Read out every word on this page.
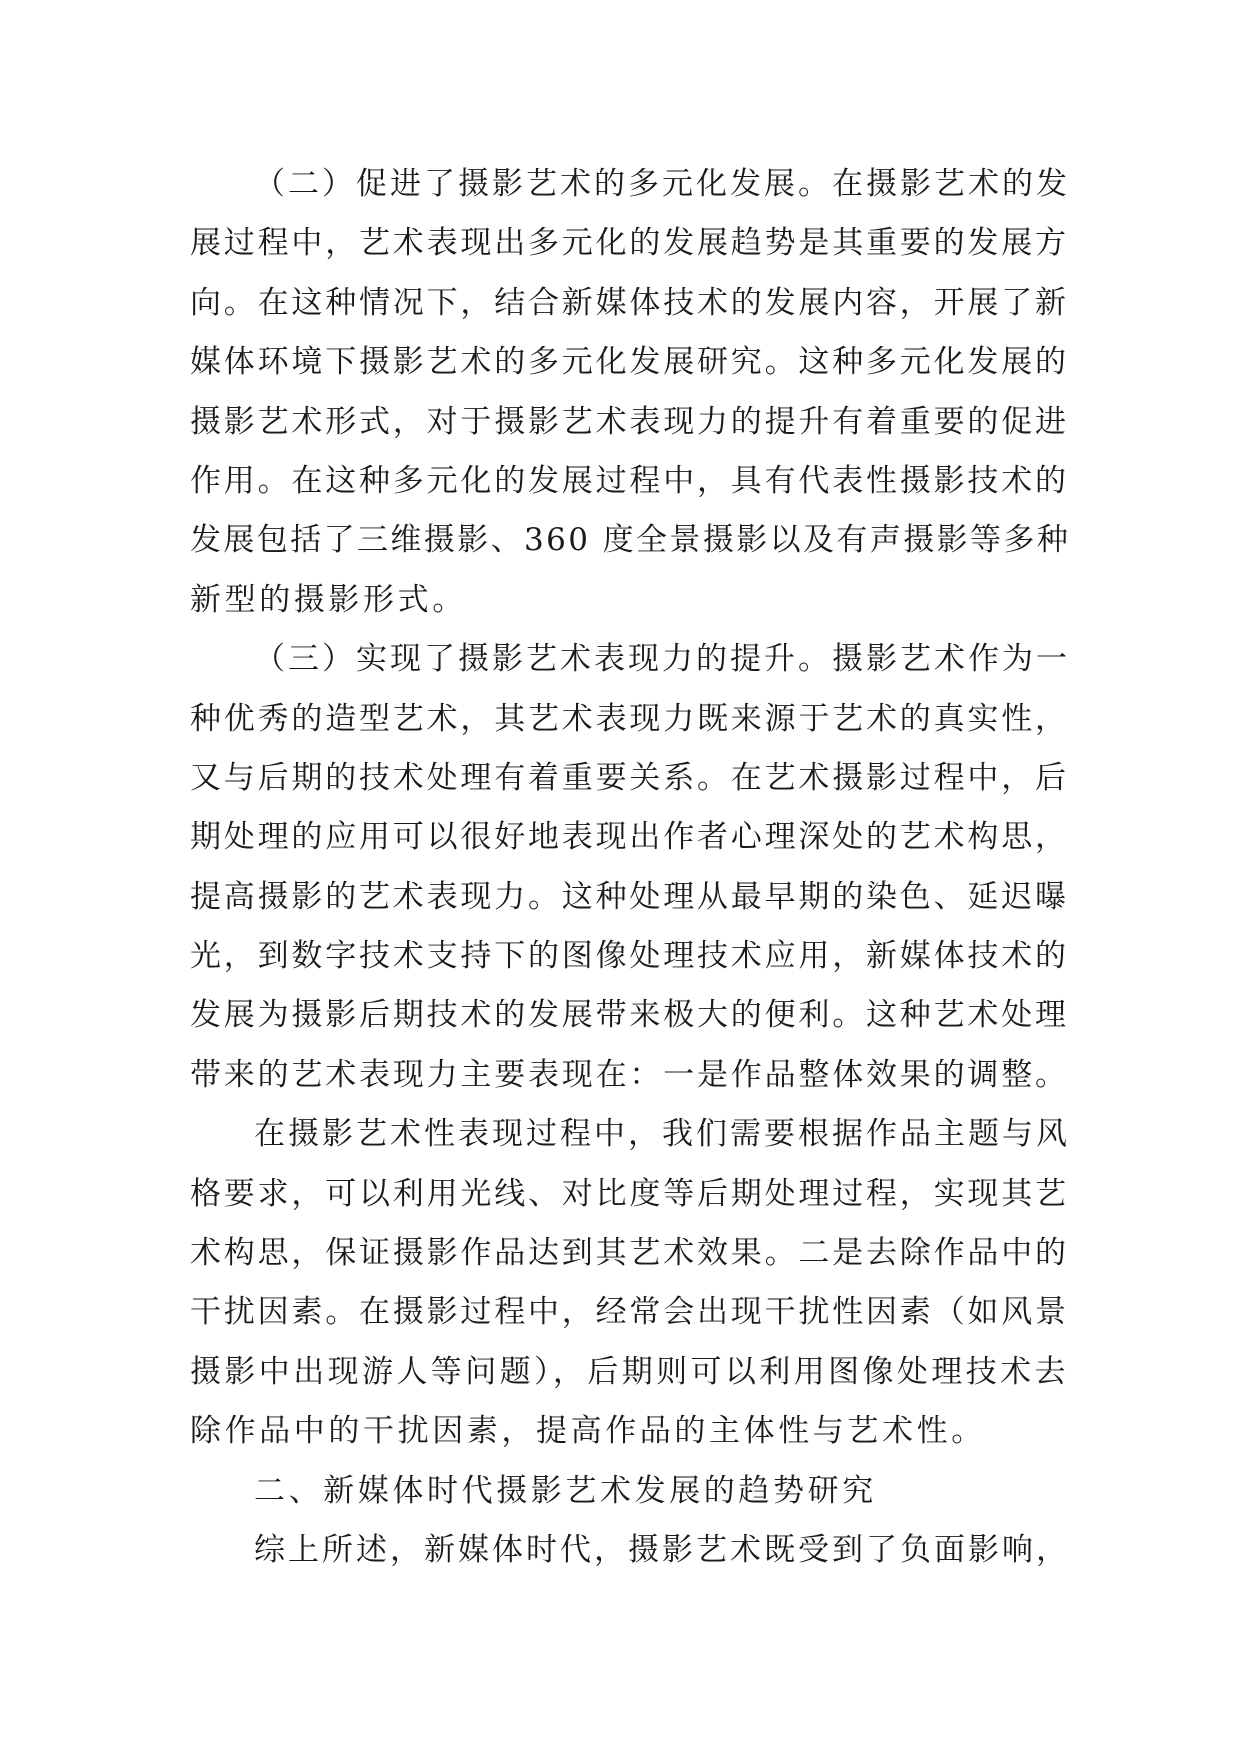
（二）促进了摄影艺术的多元化发展。在摄影艺术的发
展过程中，艺术表现出多元化的发展趋势是其重要的发展方
向。在这种情况下，结合新媒体技术的发展内容，开展了新
媒体环境下摄影艺术的多元化发展研究。这种多元化发展的
摄影艺术形式，对于摄影艺术表现力的提升有着重要的促进
作用。在这种多元化的发展过程中，具有代表性摄影技术的
发展包括了三维摄影、360 度全景摄影以及有声摄影等多种
新型的摄影形式。
（三）实现了摄影艺术表现力的提升。摄影艺术作为一
种优秀的造型艺术，其艺术表现力既来源于艺术的真实性，
又与后期的技术处理有着重要关系。在艺术摄影过程中，后
期处理的应用可以很好地表现出作者心理深处的艺术构思，
提高摄影的艺术表现力。这种处理从最早期的染色、延迟曝
光，到数字技术支持下的图像处理技术应用，新媒体技术的
发展为摄影后期技术的发展带来极大的便利。这种艺术处理
带来的艺术表现力主要表现在：一是作品整体效果的调整。
在摄影艺术性表现过程中，我们需要根据作品主题与风
格要求，可以利用光线、对比度等后期处理过程，实现其艺
术构思，保证摄影作品达到其艺术效果。二是去除作品中的
干扰因素。在摄影过程中，经常会出现干扰性因素（如风景
摄影中出现游人等问题），后期则可以利用图像处理技术去
除作品中的干扰因素，提高作品的主体性与艺术性。
二、新媒体时代摄影艺术发展的趋势研究
综上所述，新媒体时代，摄影艺术既受到了负面影响，
